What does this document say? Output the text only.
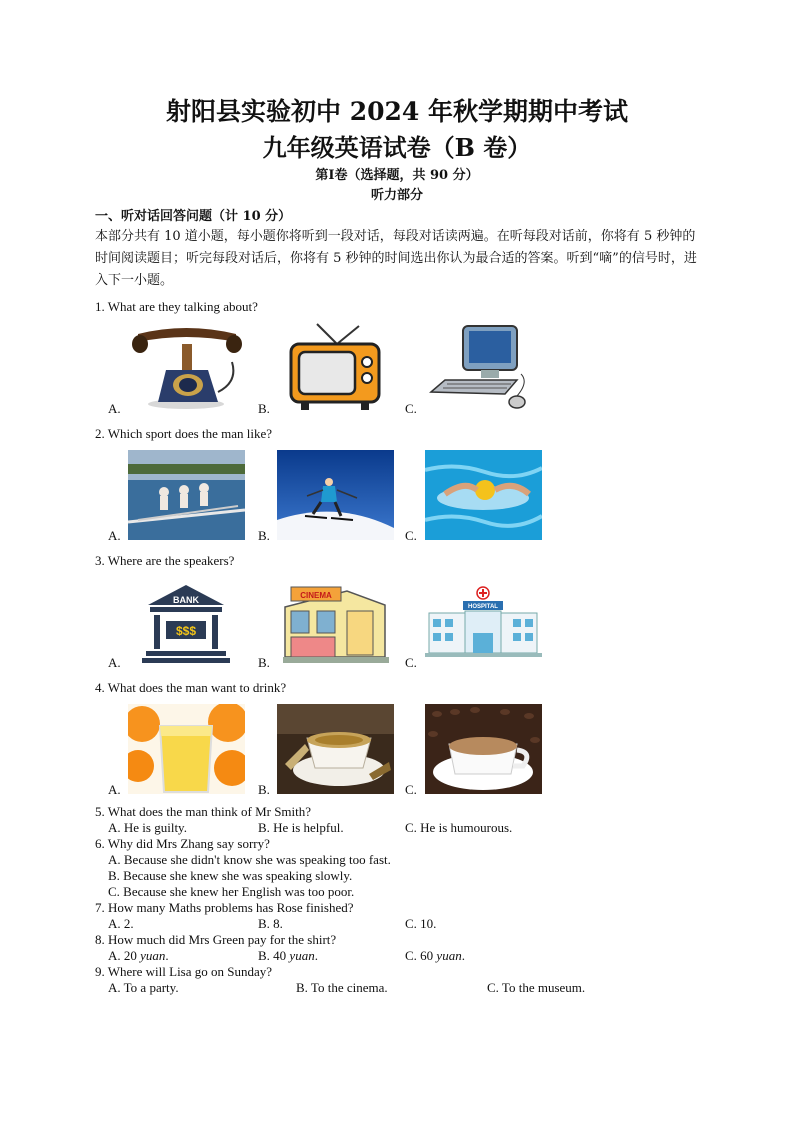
射阳县实验初中 2024 年秋学期期中考试
九年级英语试卷（B 卷）
第Ⅰ卷（选择题，共 90 分）
听力部分
一、听对话回答问题（计 10 分）
本部分共有 10 道小题，每小题你将听到一段对话，每段对话读两遍。在听每段对话前，你将有 5 秒钟的时间阅读题目；听完每段对话后，你将有 5 秒钟的时间选出你认为最合适的答案。听到“嘀”的信号时，进入下一小题。
1. What are they talking about?
A.	B.	C.
2. Which sport does the man like?
A.	B.	C.
3. Where are the speakers?
A.	B.	C.
BANK
$$$
CINEMA
HOSPITAL
4. What does the man want to drink?
A.	B.	C.
5. What does the man think of Mr Smith?
A. He is guilty.	B. He is helpful.	C. He is humourous.
6. Why did Mrs Zhang say sorry?
A. Because she didn't know she was speaking too fast.
B. Because she knew she was speaking slowly.
C. Because she knew her English was too poor.
7. How many Maths problems has Rose finished?
A. 2.	B. 8.	C. 10.
8. How much did Mrs Green pay for the shirt?
A. 20 yuan.	B. 40 yuan.	C. 60 yuan.
9. Where will Lisa go on Sunday?
A. To a party.	B. To the cinema.	C. To the museum.
